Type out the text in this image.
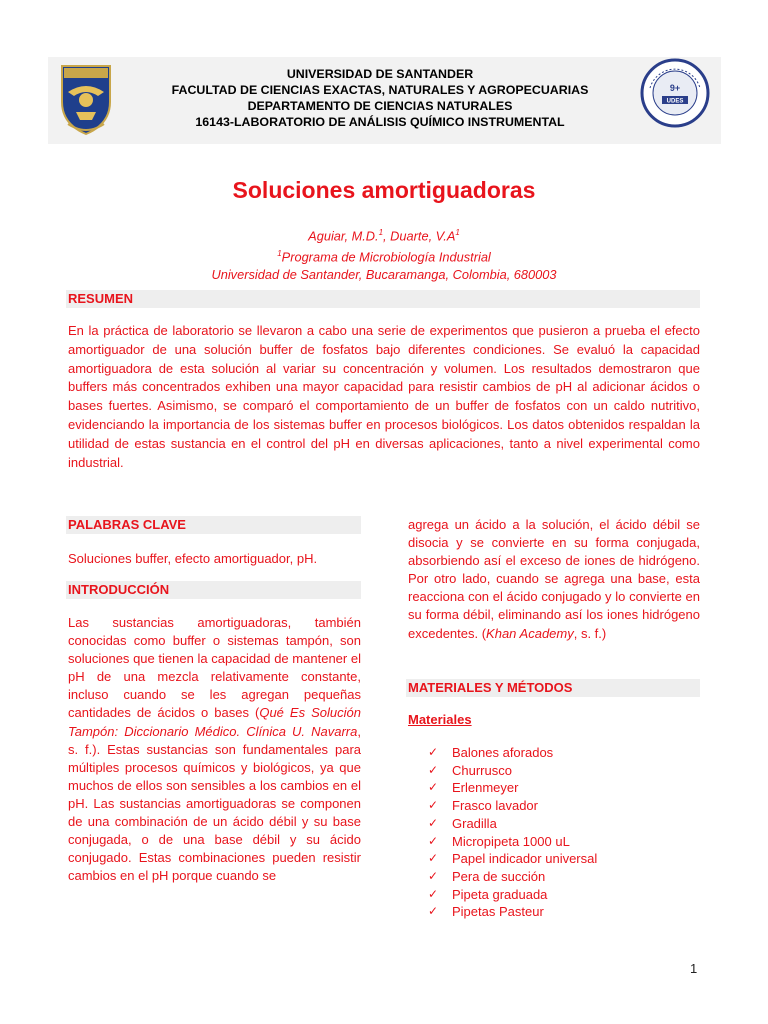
9+
UDES
UNIVERSIDAD DE SANTANDER
FACULTAD DE CIENCIAS EXACTAS, NATURALES Y AGROPECUARIAS
DEPARTAMENTO DE CIENCIAS NATURALES
16143-LABORATORIO DE ANÁLISIS QUÍMICO INSTRUMENTAL
Soluciones amortiguadoras
Aguiar, M.D.$^1$, Duarte, $V.A^1$
$^1$Programa de Microbiología Industrial
Universidad de Santander, Bucaramanga, Colombia, 680003
RESUMEN
En la práctica de laboratorio se llevaron a cabo una serie de experimentos que pusieron a prueba el efecto amortiguador de una solución buffer de fosfatos bajo diferentes condiciones. Se evaluó la capacidad amortiguadora de esta solución al variar su concentración y volumen. Los resultados demostraron que buffers más concentrados exhiben una mayor capacidad para resistir cambios de pH al adicionar ácidos o bases fuertes. Asimismo, se comparó el comportamiento de un buffer de fosfatos con un caldo nutritivo, evidenciando la importancia de los sistemas buffer en procesos biológicos. Los datos obtenidos respaldan la utilidad de estas sustancia en el control del pH en diversas aplicaciones, tanto a nivel experimental como industrial.
PALABRAS CLAVE
Soluciones buffer, efecto amortiguador, pH.
INTRODUCCIÓN
Las sustancias amortiguadoras, también conocidas como buffer o sistemas tampón, son soluciones que tienen la capacidad de mantener el pH de una mezcla relativamente constante, incluso cuando se les agregan pequeñas cantidades de ácidos o bases (Qué Es Solución Tampón: Diccionario Médico. Clínica U. Navarra, s. f.). Estas sustancias son fundamentales para múltiples procesos químicos y biológicos, ya que muchos de ellos son sensibles a los cambios en el pH. Las sustancias amortiguadoras se componen de una combinación de un ácido débil y su base conjugada, o de una base débil y su ácido conjugado. Estas combinaciones pueden resistir cambios en el pH porque cuando se
agrega un ácido a la solución, el ácido débil se disocia y se convierte en su forma conjugada, absorbiendo así el exceso de iones de hidrógeno. Por otro lado, cuando se agrega una base, esta reacciona con el ácido conjugado y lo convierte en su forma débil, eliminando así los iones hidrógeno excedentes. (Khan Academy, s. f.)
MATERIALES Y MÉTODOS
Materiales
✓	Balones aforados
✓	Churrusco
✓	Erlenmeyer
✓	Frasco lavador
✓	Gradilla
✓	Micropipeta 1000 uL
✓	Papel indicador universal
✓	Pera de succión
✓	Pipeta graduada
✓	Pipetas Pasteur
1
